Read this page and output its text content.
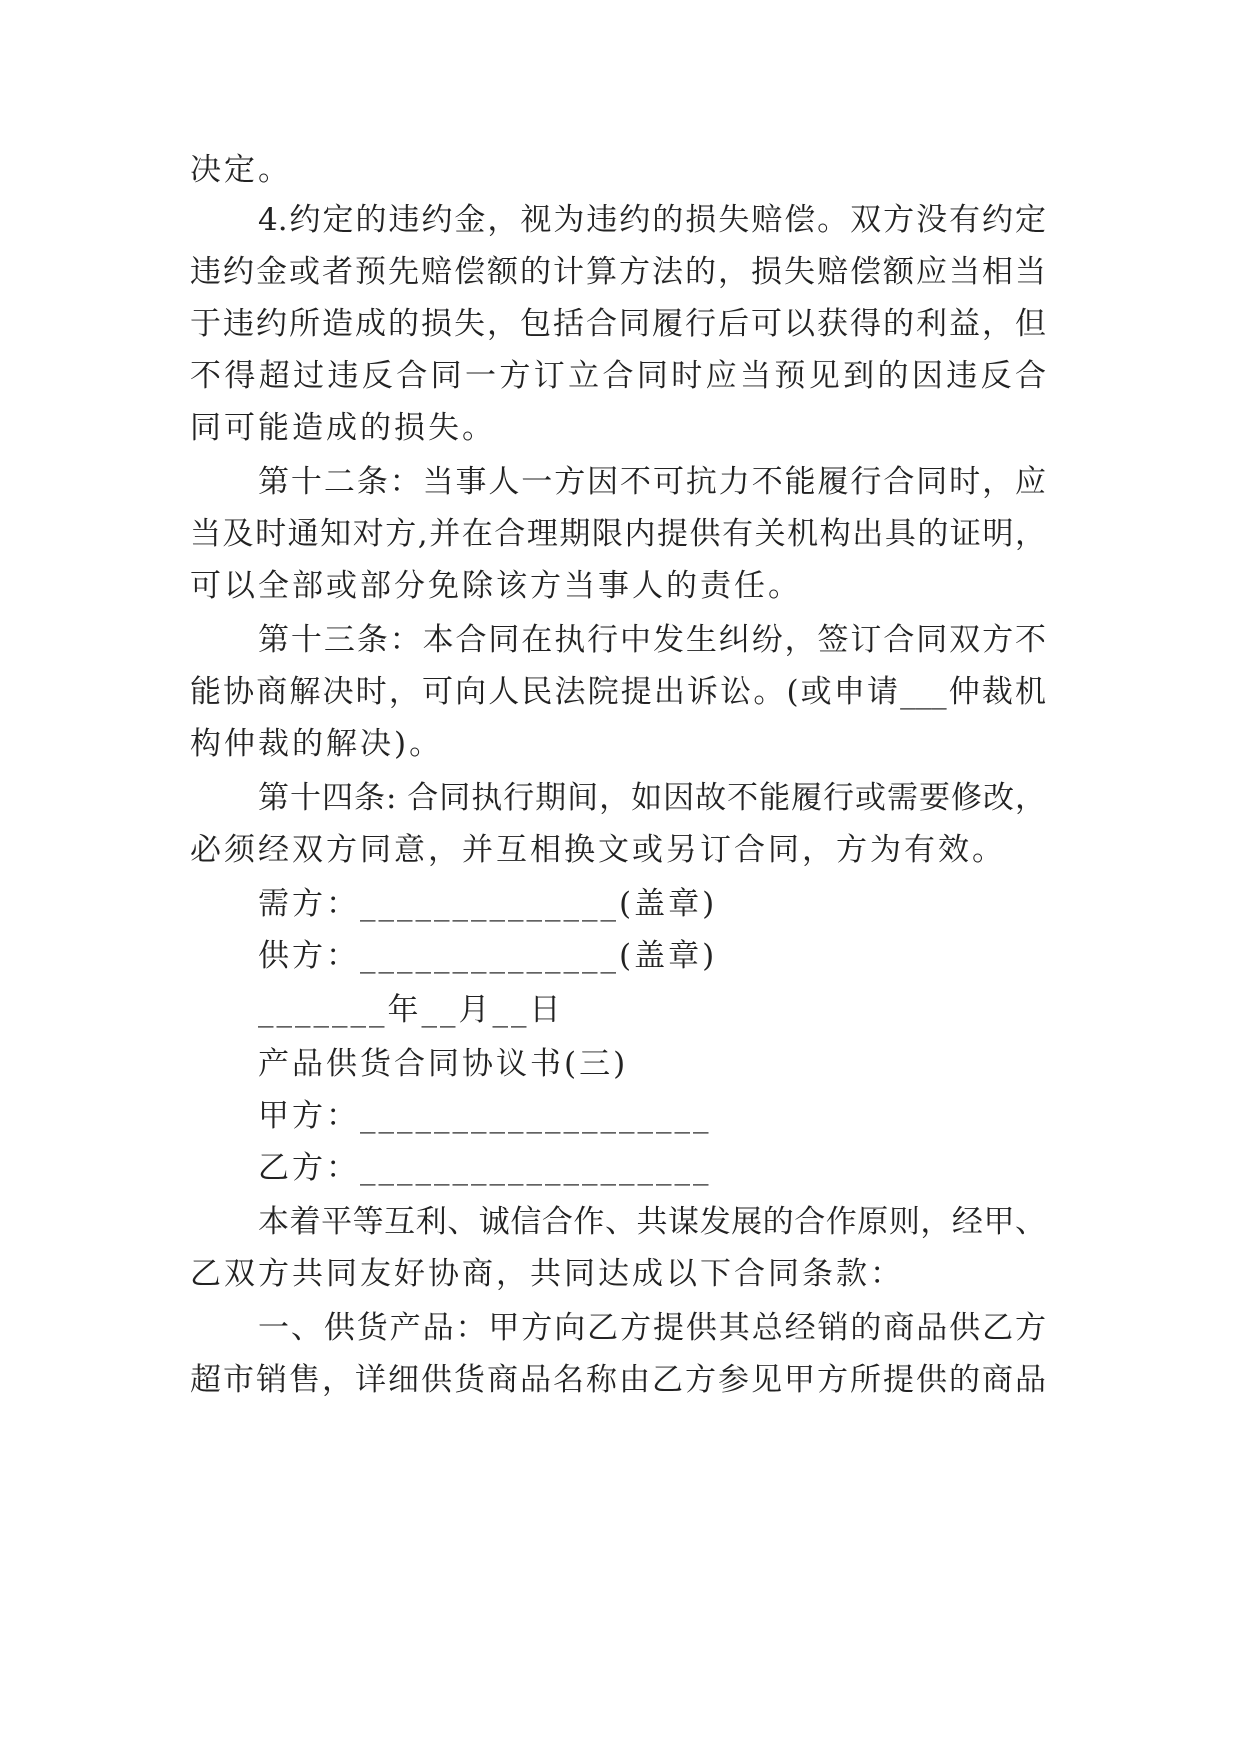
决定。
4.约定的违约金，视为违约的损失赔偿。双方没有约定
违约金或者预先赔偿额的计算方法的，损失赔偿额应当相当
于违约所造成的损失，包括合同履行后可以获得的利益，但
不得超过违反合同一方订立合同时应当预见到的因违反合
同可能造成的损失。
第十二条：当事人一方因不可抗力不能履行合同时，应
当及时通知对方,并在合理期限内提供有关机构出具的证明，
可以全部或部分免除该方当事人的责任。
第十三条：本合同在执行中发生纠纷，签订合同双方不
能协商解决时，可向人民法院提出诉讼。(或申请___仲裁机
构仲裁的解决)。
第十四条: 合同执行期间，如因故不能履行或需要修改，
必须经双方同意，并互相换文或另订合同，方为有效。
需方：______________(盖章)
供方：______________(盖章)
_______年__月__日
产品供货合同协议书(三)
甲方：___________________
乙方：___________________
本着平等互利、诚信合作、共谋发展的合作原则，经甲、
乙双方共同友好协商，共同达成以下合同条款：
一、供货产品：甲方向乙方提供其总经销的商品供乙方
超市销售，详细供货商品名称由乙方参见甲方所提供的商品
